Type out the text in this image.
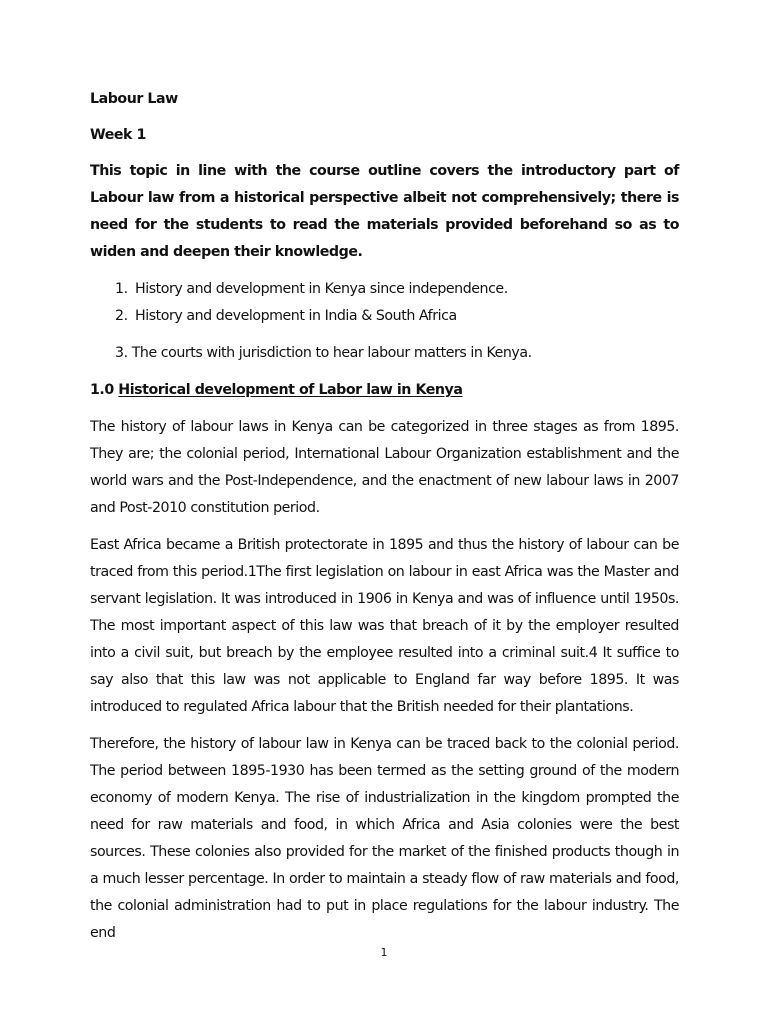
Labour Law

Week 1

This topic in line with the course outline covers the introductory part of Labour law from a historical perspective albeit not comprehensively; there is need for the students to read the materials provided beforehand so as to widen and deepen their knowledge.

1. History and development in Kenya since independence.

2. History and development in India & South Africa

3. The courts with jurisdiction to hear labour matters in Kenya.

1.0 Historical development of Labor law in Kenya

The history of labour laws in Kenya can be categorized in three stages as from 1895. They are; the colonial period, International Labour Organization establishment and the world wars and the Post-Independence, and the enactment of new labour laws in 2007 and Post-2010 constitution period.

East Africa became a British protectorate in 1895 and thus the history of labour can be traced from this period.1The first legislation on labour in east Africa was the Master and servant legislation. It was introduced in 1906 in Kenya and was of influence until 1950s. The most important aspect of this law was that breach of it by the employer resulted into a civil suit, but breach by the employee resulted into a criminal suit.4 It suffice to say also that this law was not applicable to England far way before 1895. It was introduced to regulated Africa labour that the British needed for their plantations.

Therefore, the history of labour law in Kenya can be traced back to the colonial period. The period between 1895-1930 has been termed as the setting ground of the modern economy of modern Kenya. The rise of industrialization in the kingdom prompted the need for raw materials and food, in which Africa and Asia colonies were the best sources. These colonies also provided for the market of the finished products though in a much lesser percentage. In order to maintain a steady flow of raw materials and food, the colonial administration had to put in place regulations for the labour industry. The end

1
